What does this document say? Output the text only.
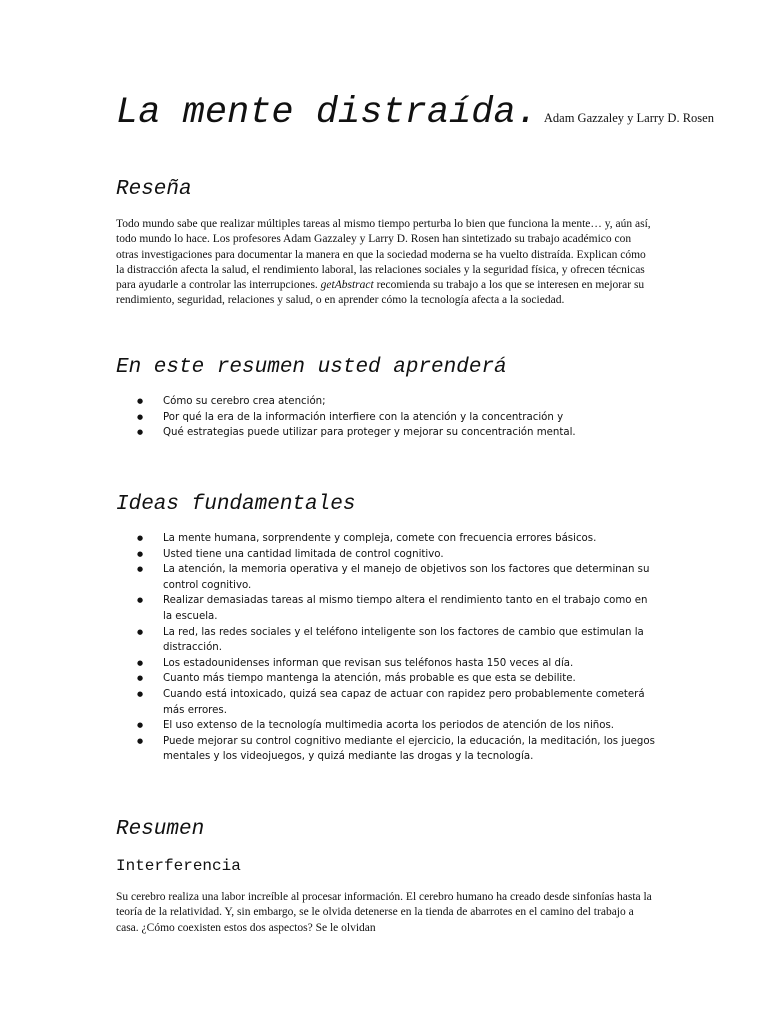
La mente distraída. Adam Gazzaley y Larry D. Rosen
Reseña

Todo mundo sabe que realizar múltiples tareas al mismo tiempo perturba lo bien que funciona la mente… y, aún así, todo mundo lo hace. Los profesores Adam Gazzaley y Larry D. Rosen han sintetizado su trabajo académico con otras investigaciones para documentar la manera en que la sociedad moderna se ha vuelto distraída. Explican cómo la distracción afecta la salud, el rendimiento laboral, las relaciones sociales y la seguridad física, y ofrecen técnicas para ayudarle a controlar las interrupciones. getAbstract recomienda su trabajo a los que se interesen en mejorar su rendimiento, seguridad, relaciones y salud, o en aprender cómo la tecnología afecta a la sociedad.

En este resumen usted aprenderá
● Cómo su cerebro crea atención;
● Por qué la era de la información interfiere con la atención y la concentración y
● Qué estrategias puede utilizar para proteger y mejorar su concentración mental.
Ideas fundamentales
● La mente humana, sorprendente y compleja, comete con frecuencia errores básicos.
● Usted tiene una cantidad limitada de control cognitivo.
● La atención, la memoria operativa y el manejo de objetivos son los factores que determinan su control cognitivo.
● Realizar demasiadas tareas al mismo tiempo altera el rendimiento tanto en el trabajo como en la escuela.
● La red, las redes sociales y el teléfono inteligente son los factores de cambio que estimulan la distracción.
● Los estadounidenses informan que revisan sus teléfonos hasta 150 veces al día.
● Cuanto más tiempo mantenga la atención, más probable es que esta se debilite.
● Cuando está intoxicado, quizá sea capaz de actuar con rapidez pero probablemente cometerá más errores.
● El uso extenso de la tecnología multimedia acorta los periodos de atención de los niños.
● Puede mejorar su control cognitivo mediante el ejercicio, la educación, la meditación, los juegos mentales y los videojuegos, y quizá mediante las drogas y la tecnología.
Resumen
Interferencia

Su cerebro realiza una labor increíble al procesar información. El cerebro humano ha creado desde sinfonías hasta la teoría de la relatividad. Y, sin embargo, se le olvida detenerse en la tienda de abarrotes en el camino del trabajo a casa. ¿Cómo coexisten estos dos aspectos? Se le olvidan
